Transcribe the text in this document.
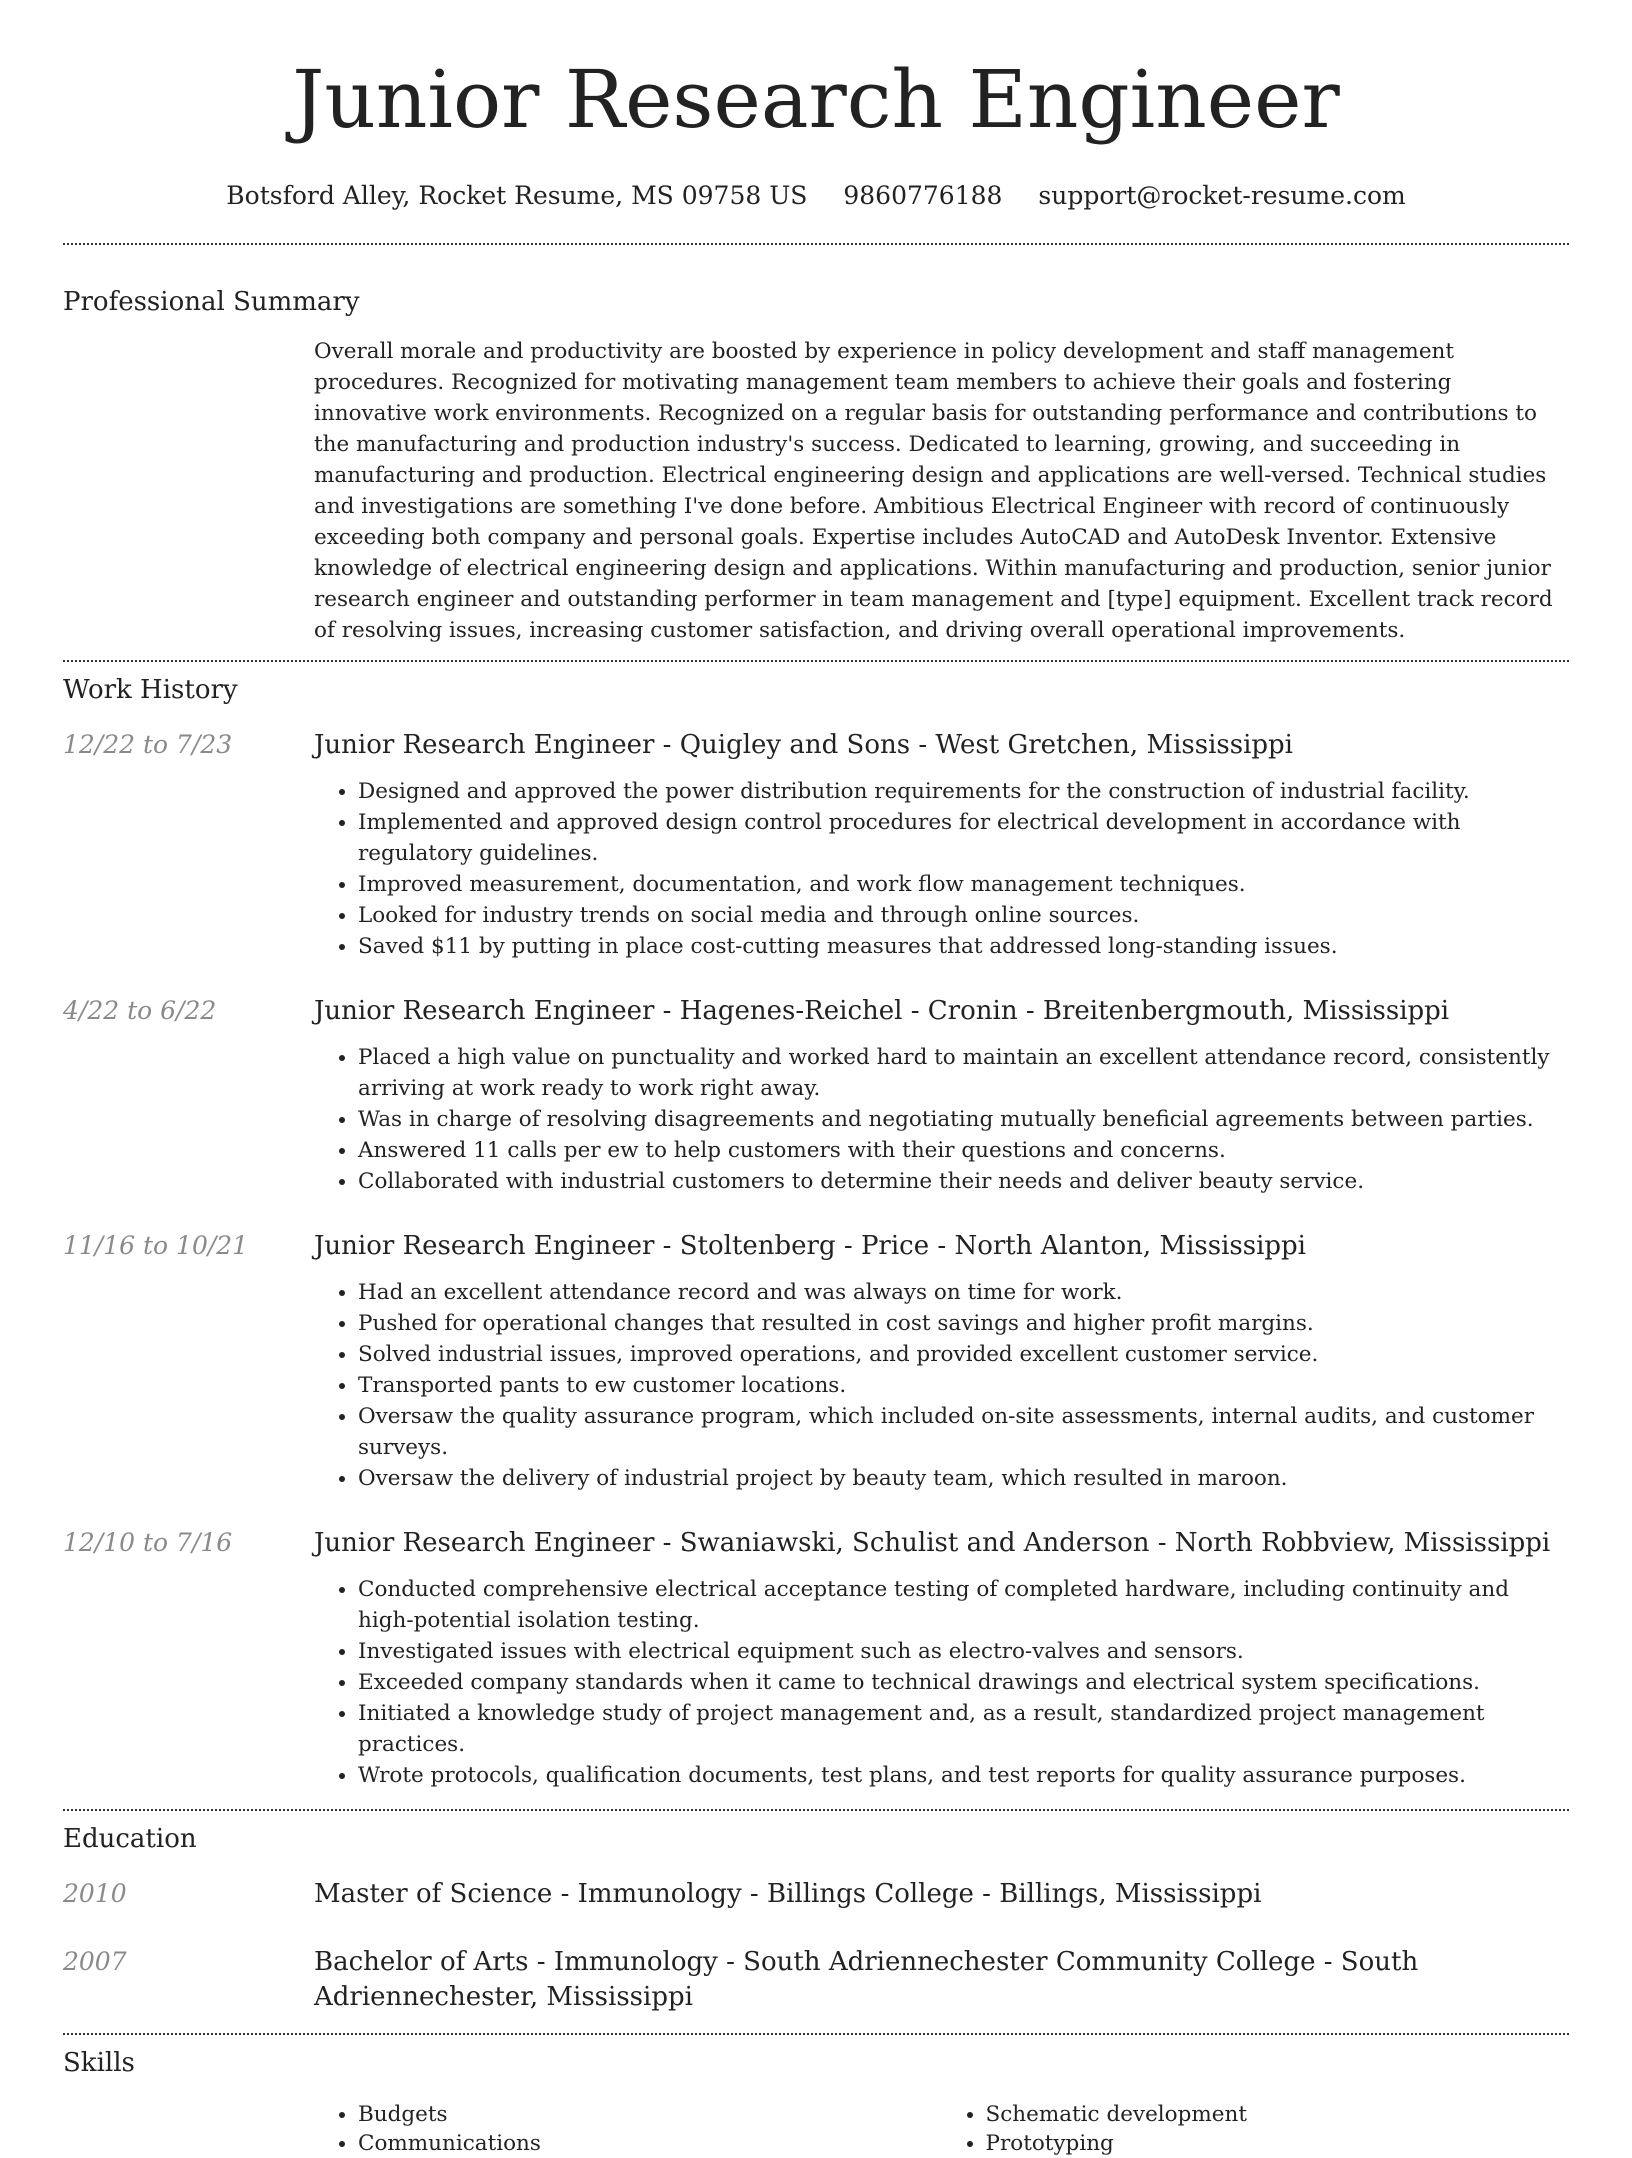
Junior Research Engineer
Botsford Alley, Rocket Resume, MS 09758 US 9860776188 support@rocket-resume.com
Professional Summary
Overall morale and productivity are boosted by experience in policy development and staff management procedures. Recognized for motivating management team members to achieve their goals and fostering innovative work environments. Recognized on a regular basis for outstanding performance and contributions to the manufacturing and production industry's success. Dedicated to learning, growing, and succeeding in manufacturing and production. Electrical engineering design and applications are well-versed. Technical studies and investigations are something I've done before. Ambitious Electrical Engineer with record of continuously exceeding both company and personal goals. Expertise includes AutoCAD and AutoDesk Inventor. Extensive knowledge of electrical engineering design and applications. Within manufacturing and production, senior junior research engineer and outstanding performer in team management and [type] equipment. Excellent track record of resolving issues, increasing customer satisfaction, and driving overall operational improvements.
Work History
12/22 to 7/23	Junior Research Engineer - Quigley and Sons - West Gretchen, Mississippi
• Designed and approved the power distribution requirements for the construction of industrial facility.
• Implemented and approved design control procedures for electrical development in accordance with regulatory guidelines.
• Improved measurement, documentation, and work flow management techniques.
• Looked for industry trends on social media and through online sources.
• Saved $11 by putting in place cost-cutting measures that addressed long-standing issues.
4/22 to 6/22	Junior Research Engineer - Hagenes-Reichel - Cronin - Breitenbergmouth, Mississippi
• Placed a high value on punctuality and worked hard to maintain an excellent attendance record, consistently arriving at work ready to work right away.
• Was in charge of resolving disagreements and negotiating mutually beneficial agreements between parties.
• Answered 11 calls per ew to help customers with their questions and concerns.
• Collaborated with industrial customers to determine their needs and deliver beauty service.
11/16 to 10/21	Junior Research Engineer - Stoltenberg - Price - North Alanton, Mississippi
• Had an excellent attendance record and was always on time for work.
• Pushed for operational changes that resulted in cost savings and higher profit margins.
• Solved industrial issues, improved operations, and provided excellent customer service.
• Transported pants to ew customer locations.
• Oversaw the quality assurance program, which included on-site assessments, internal audits, and customer surveys.
• Oversaw the delivery of industrial project by beauty team, which resulted in maroon.
12/10 to 7/16	Junior Research Engineer - Swaniawski, Schulist and Anderson - North Robbview, Mississippi
• Conducted comprehensive electrical acceptance testing of completed hardware, including continuity and high-potential isolation testing.
• Investigated issues with electrical equipment such as electro-valves and sensors.
• Exceeded company standards when it came to technical drawings and electrical system specifications.
• Initiated a knowledge study of project management and, as a result, standardized project management practices.
• Wrote protocols, qualification documents, test plans, and test reports for quality assurance purposes.
Education
2010	Master of Science - Immunology - Billings College - Billings, Mississippi
2007	Bachelor of Arts - Immunology - South Adriennechester Community College - South Adriennechester, Mississippi
Skills
• Budgets
• Communications
• Schematic development
• Prototyping
